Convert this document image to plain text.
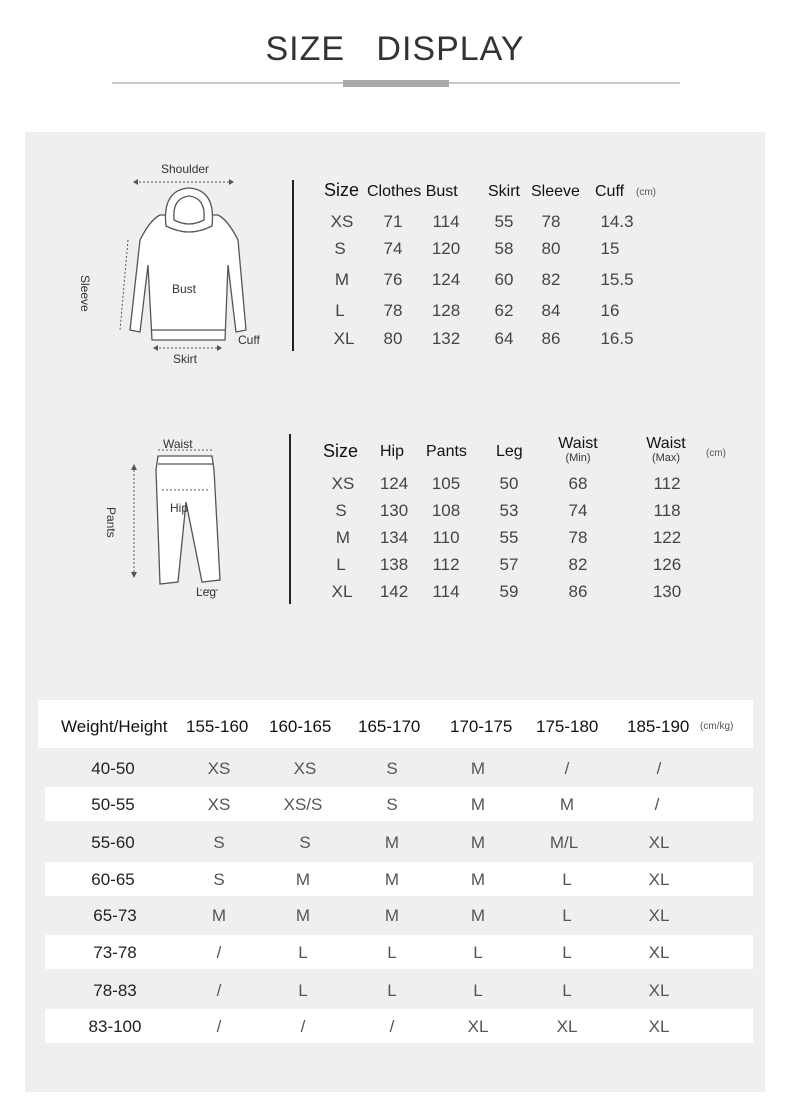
SIZE DISPLAY
Shoulder
Sleeve	Bust
Cuff
Skirt
Size Clothes Bust Skirt Sleeve Cuff (cm)
XS 71 114 55 78 14.3
S 74 120 58 80 15
M 76 124 60 82 15.5
L 78 128 62 84 16
XL 80 132 64 86 16.5
Waist
Pants	Hip
Leg
Size Hip Pants Leg Waist
(Min)
Waist
(Max)	(cm)
XS 124 105 50	68	112
S 130 108 53	74	118
M 134 110 55	78	122
L 138 112 57	82	126
XL 142 114 59	86	130
Weight/Height 155-160 160-165 165-170 170-175 175-180 185-190 (cm/kg)
40-50	XS	XS	S	M	/	/
50-55	XS	XS/S	S	M	M	/
55-60	S	S	M	M	M/L	XL
60-65	S	M	M	M	L	XL
65-73	M	M	M	M	L	XL
73-78	/	L	L	L	L	XL
78-83	/	L	L	L	L	XL
83-100	/	/	/	XL	XL	XL
